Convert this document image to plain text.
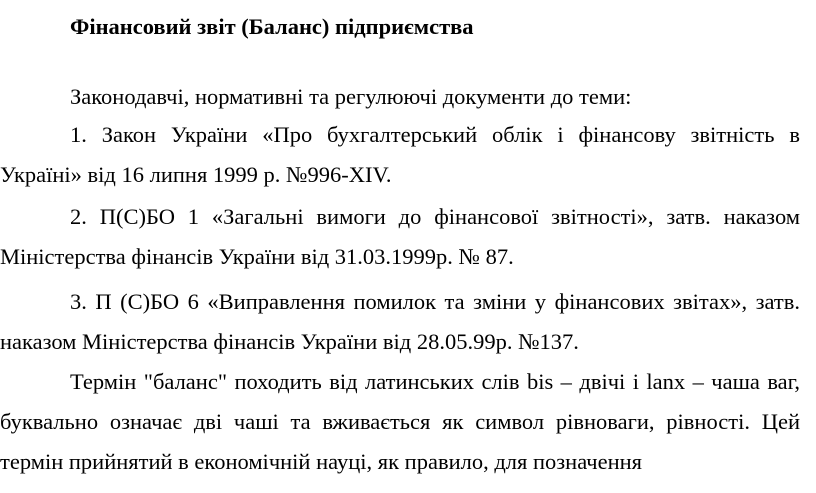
Фінансовий звіт (Баланс) підприємства
Законодавчі, нормативні та регулюючі документи до теми:

1. Закон України «Про бухгалтерський облік і фінансову звітність в Україні» від 16 липня 1999 р. №996-XIV.

2. П(С)БО 1 «Загальні вимоги до фінансової звітності», затв. наказом Міністерства фінансів України від 31.03.1999р. № 87.

3. П (С)БО 6 «Виправлення помилок та зміни у фінансових звітах», затв. наказом Міністерства фінансів України від 28.05.99р. №137.

Термін "баланс" походить від латинських слів bis – двічі і lanx – чаша ваг, буквально означає дві чаші та вживається як символ рівноваги, рівності. Цей термін прийнятий в економічній науці, як правило, для позначення
